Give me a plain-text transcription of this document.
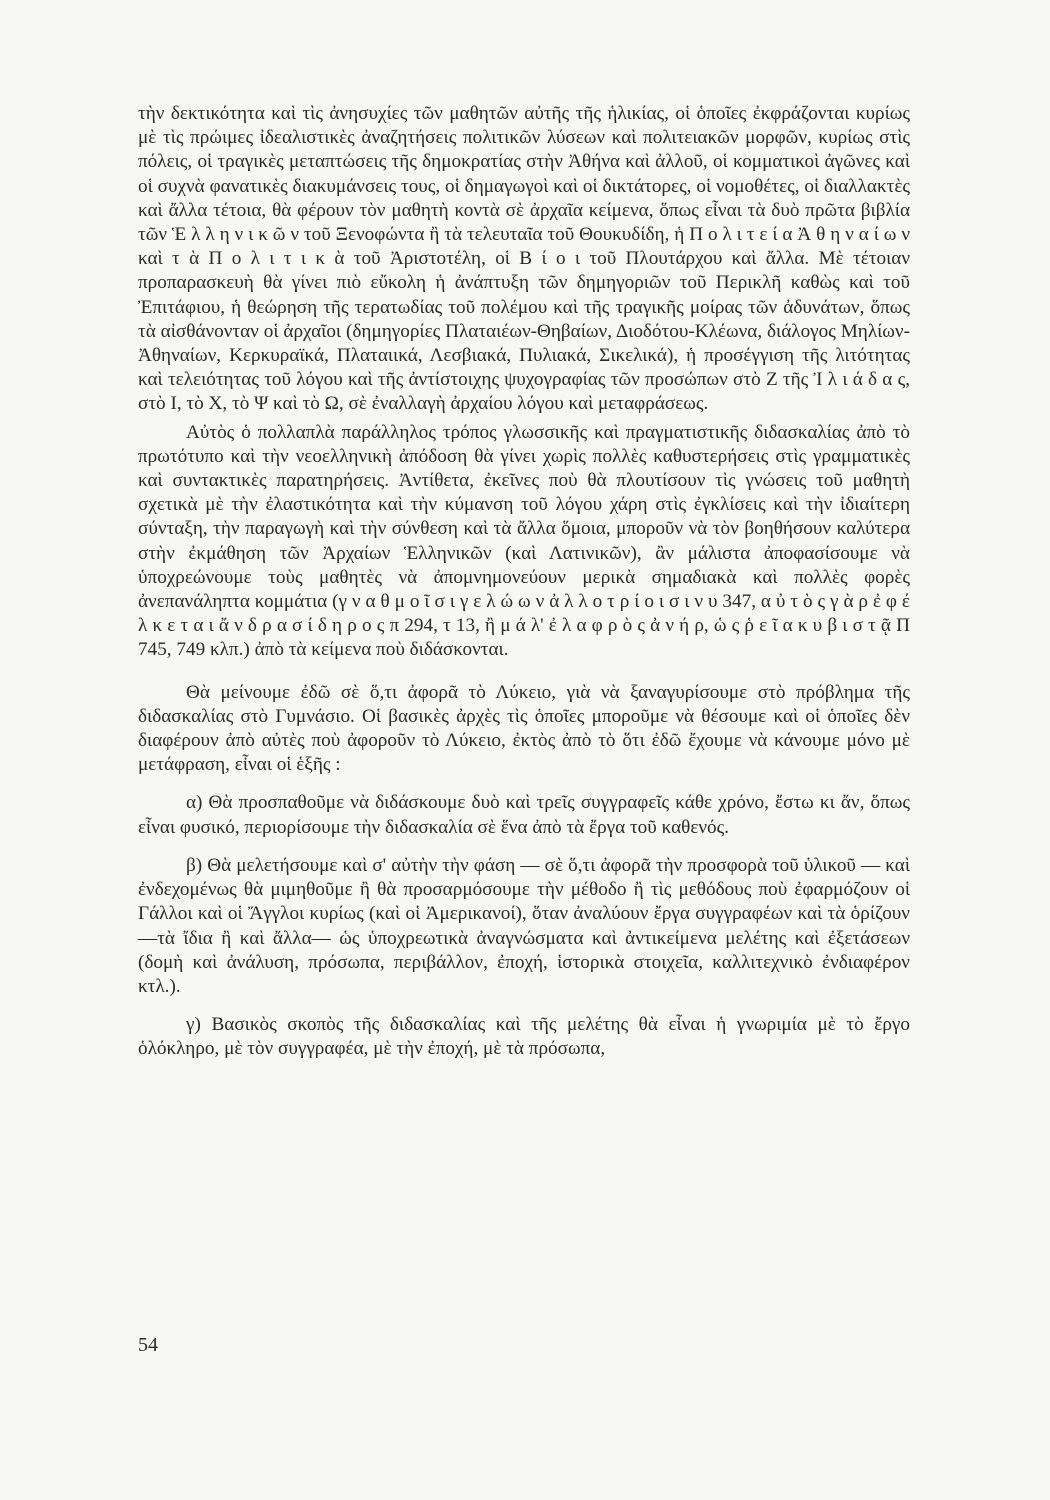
τὴν δεκτικότητα καὶ τὶς ἀνησυχίες τῶν μαθητῶν αὐτῆς τῆς ἡλικίας, οἱ ὁποῖες ἐκφράζονται κυρίως μὲ τὶς πρώιμες ἰδεαλιστικὲς ἀναζητήσεις πολιτικῶν λύσεων καὶ πολιτειακῶν μορφῶν, κυρίως στὶς πόλεις, οἱ τραγικὲς μεταπτώσεις τῆς δημοκρατίας στὴν Ἀθήνα καὶ ἀλλοῦ, οἱ κομματικοὶ ἀγῶνες καὶ οἱ συχνὰ φανατικὲς διακυμάνσεις τους, οἱ δημαγωγοὶ καὶ οἱ δικτάτορες, οἱ νομοθέτες, οἱ διαλλακτὲς καὶ ἄλλα τέτοια, θὰ φέρουν τὸν μαθητὴ κοντὰ σὲ ἀρχαῖα κείμενα, ὅπως εἶναι τὰ δυὸ πρῶτα βιβλία τῶν Ἑ λ λ η ν ι κ ῶ ν τοῦ Ξενοφώντα ἢ τὰ τελευταῖα τοῦ Θουκυδίδη, ἡ Π ο λ ι τ ε ί α Ἀ θ η ν α ί ω ν καὶ τ ὰ Π ο λ ι τ ι κ ὰ τοῦ Ἀριστοτέλη, οἱ Β ί ο ι τοῦ Πλουτάρχου καὶ ἄλλα. Μὲ τέτοιαν προπαρασκευὴ θὰ γίνει πιὸ εὔκολη ἡ ἀνάπτυξη τῶν δημηγοριῶν τοῦ Περικλῆ καθὼς καὶ τοῦ Ἐπιτάφιου, ἡ θεώρηση τῆς τερατωδίας τοῦ πολέμου καὶ τῆς τραγικῆς μοίρας τῶν ἀδυνάτων, ὅπως τὰ αἰσθάνονταν οἱ ἀρχαῖοι (δημηγορίες Πλαταιέων-Θηβαίων, Διοδότου-Κλέωνα, διάλογος Μηλίων-Ἀθηναίων, Κερκυραϊκά, Πλαταιικά, Λεσβιακά, Πυλιακά, Σικελικά), ἡ προσέγγιση τῆς λιτότητας καὶ τελειότητας τοῦ λόγου καὶ τῆς ἀντίστοιχης ψυχογραφίας τῶν προσώπων στὸ Ζ τῆς Ἰ λ ι ά δ α ς, στὸ Ι, τὸ Χ, τὸ Ψ καὶ τὸ Ω, σὲ ἐναλλαγὴ ἀρχαίου λόγου καὶ μεταφράσεως.

Αὐτὸς ὁ πολλαπλὰ παράλληλος τρόπος γλωσσικῆς καὶ πραγματιστικῆς διδασκαλίας ἀπὸ τὸ πρωτότυπο καὶ τὴν νεοελληνικὴ ἀπόδοση θὰ γίνει χωρὶς πολλὲς καθυστερήσεις στὶς γραμματικὲς καὶ συντακτικὲς παρατηρήσεις. Ἀντίθετα, ἐκεῖνες ποὺ θὰ πλουτίσουν τὶς γνώσεις τοῦ μαθητὴ σχετικὰ μὲ τὴν ἐλαστικότητα καὶ τὴν κύμανση τοῦ λόγου χάρη στὶς ἐγκλίσεις καὶ τὴν ἰδιαίτερη σύνταξη, τὴν παραγωγὴ καὶ τὴν σύνθεση καὶ τὰ ἄλλα ὅμοια, μποροῦν νὰ τὸν βοηθήσουν καλύτερα στὴν ἐκμάθηση τῶν Ἀρχαίων Ἑλληνικῶν (καὶ Λατινικῶν), ἂν μάλιστα ἀποφασίσουμε νὰ ὑποχρεώνουμε τοὺς μαθητὲς νὰ ἀπομνημονεύουν μερικὰ σημαδιακὰ καὶ πολλὲς φορὲς ἀνεπανάληπτα κομμάτια (γ ν α θ μ ο ῖ σ ι γ ε λ ώ ω ν ἀ λ λ ο τ ρ ί ο ι σ ι ν υ 347, α ὐ τ ὸ ς γ ὰ ρ ἐ φ έ λ κ ε τ α ι ἄ ν δ ρ α σ ί δ η ρ ο ς π 294, τ 13, ἢ μ ά λ' ἐ λ α φ ρ ὸ ς ἀ ν ή ρ, ὡ ς ῥ ε ῖ α κ υ β ι σ τ ᾷ Π 745, 749 κλπ.) ἀπὸ τὰ κείμενα ποὺ διδάσκονται.

Θὰ μείνουμε ἐδῶ σὲ ὅ,τι ἀφορᾶ τὸ Λύκειο, γιὰ νὰ ξαναγυρίσουμε στὸ πρόβλημα τῆς διδασκαλίας στὸ Γυμνάσιο. Οἱ βασικὲς ἀρχὲς τὶς ὁποῖες μποροῦμε νὰ θέσουμε καὶ οἱ ὁποῖες δὲν διαφέρουν ἀπὸ αὐτὲς ποὺ ἀφοροῦν τὸ Λύκειο, ἐκτὸς ἀπὸ τὸ ὅτι ἐδῶ ἔχουμε νὰ κάνουμε μόνο μὲ μετάφραση, εἶναι οἱ ἑξῆς :

α) Θὰ προσπαθοῦμε νὰ διδάσκουμε δυὸ καὶ τρεῖς συγγραφεῖς κάθε χρόνο, ἔστω κι ἄν, ὅπως εἶναι φυσικό, περιορίσουμε τὴν διδασκαλία σὲ ἕνα ἀπὸ τὰ ἔργα τοῦ καθενός.

β) Θὰ μελετήσουμε καὶ σ' αὐτὴν τὴν φάση — σὲ ὅ,τι ἀφορᾶ τὴν προσφορὰ τοῦ ὑλικοῦ — καὶ ἐνδεχομένως θὰ μιμηθοῦμε ἢ θὰ προσαρμόσουμε τὴν μέθοδο ἢ τὶς μεθόδους ποὺ ἐφαρμόζουν οἱ Γάλλοι καὶ οἱ Ἄγγλοι κυρίως (καὶ οἱ Ἀμερικανοί), ὅταν ἀναλύουν ἔργα συγγραφέων καὶ τὰ ὁρίζουν —τὰ ἴδια ἢ καὶ ἄλλα— ὡς ὑποχρεωτικὰ ἀναγνώσματα καὶ ἀντικείμενα μελέτης καὶ ἐξετάσεων (δομὴ καὶ ἀνάλυση, πρόσωπα, περιβάλλον, ἐποχή, ἱστορικὰ στοιχεῖα, καλλιτεχνικὸ ἐνδιαφέρον κτλ.).

γ) Βασικὸς σκοπὸς τῆς διδασκαλίας καὶ τῆς μελέτης θὰ εἶναι ἡ γνωριμία μὲ τὸ ἔργο ὁλόκληρο, μὲ τὸν συγγραφέα, μὲ τὴν ἐποχή, μὲ τὰ πρόσωπα,

54
